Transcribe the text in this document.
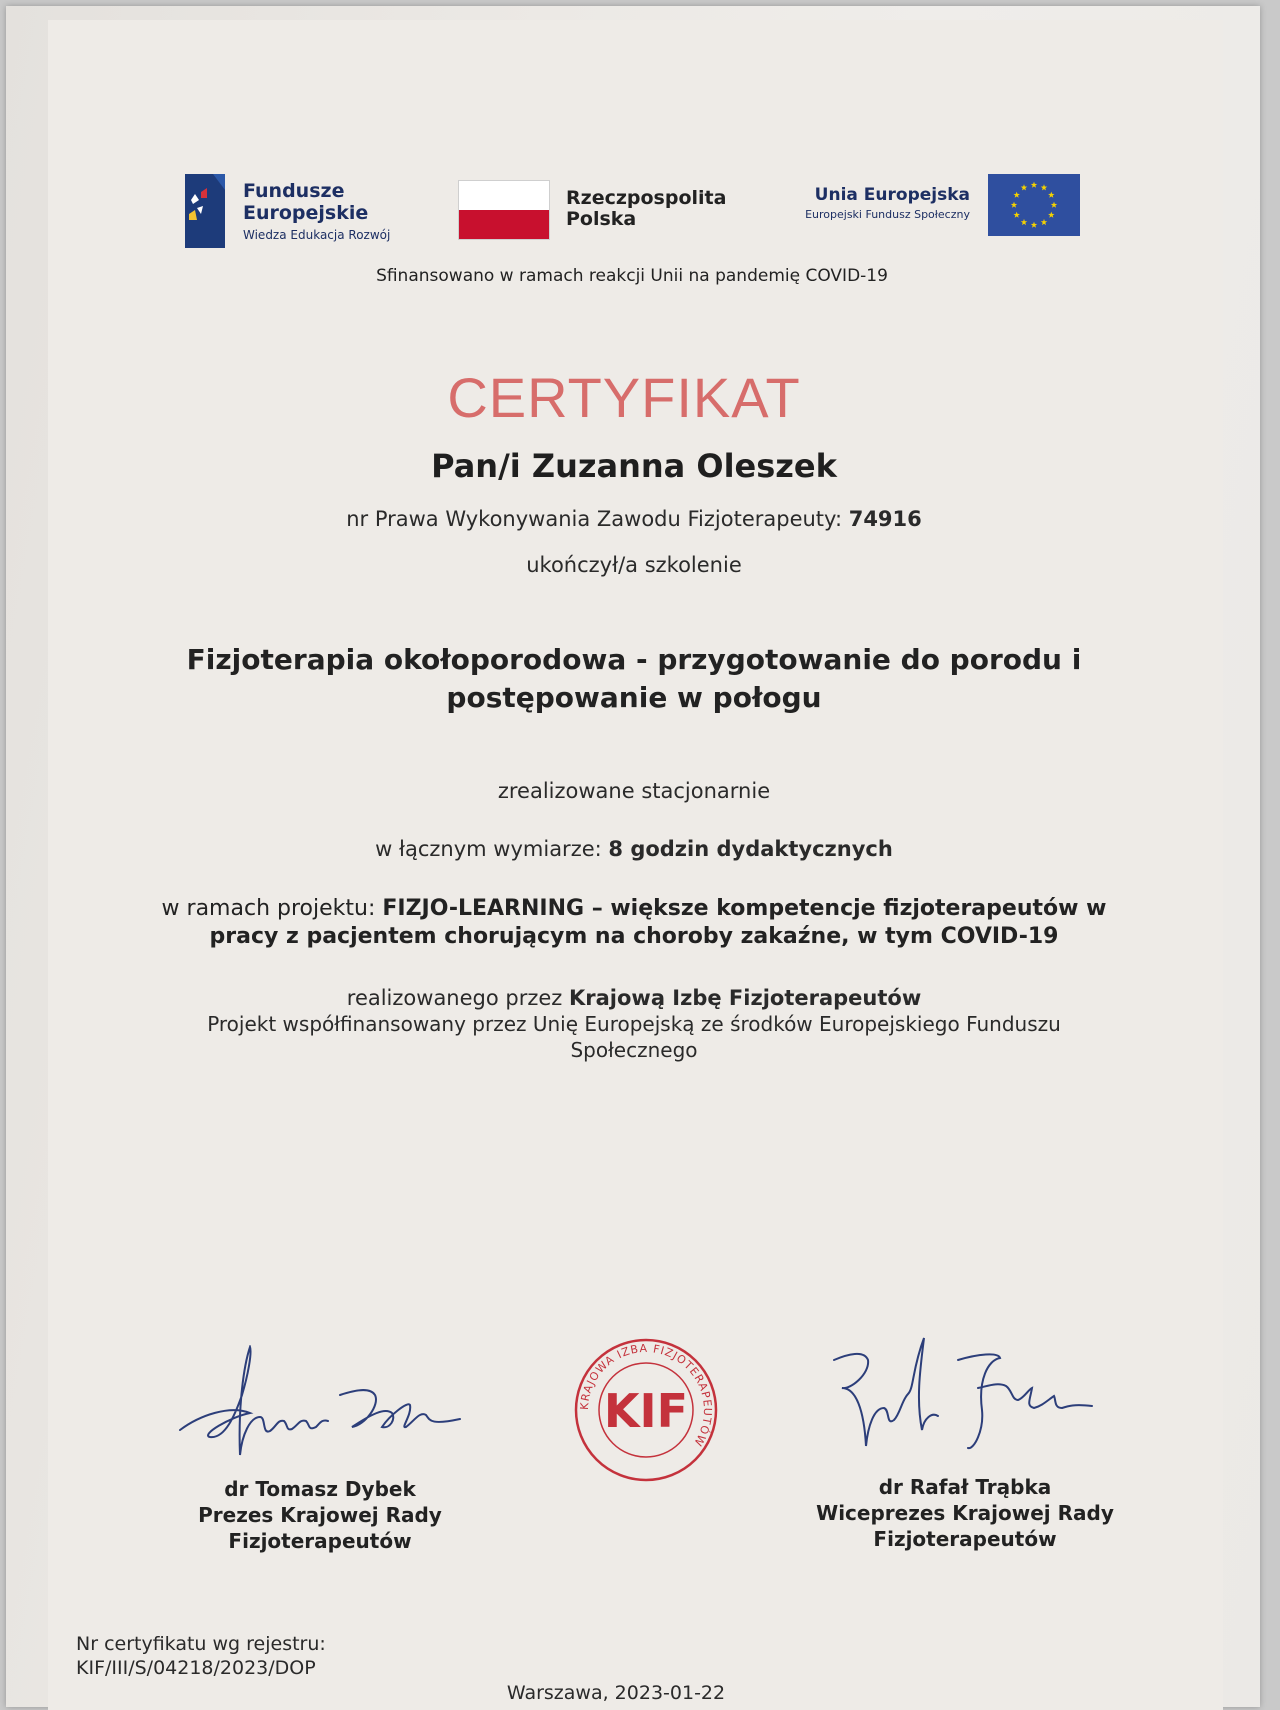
Fundusze
Europejskie
Wiedza Edukacja Rozwój
Rzeczpospolita
Polska
Unia Europejska
Europejski Fundusz Społeczny
Sfinansowano w ramach reakcji Unii na pandemię COVID-19
CERTYFIKAT
Pan/i Zuzanna Oleszek
nr Prawa Wykonywania Zawodu Fizjoterapeuty: 74916
ukończył/a szkolenie
Fizjoterapia okołoporodowa - przygotowanie do porodu i
postępowanie w połogu
zrealizowane stacjonarnie
w łącznym wymiarze: 8 godzin dydaktycznych
w ramach projektu: FIZJO-LEARNING – większe kompetencje fizjoterapeutów w
pracy z pacjentem chorującym na choroby zakaźne, w tym COVID-19
realizowanego przez Krajową Izbę Fizjoterapeutów
Projekt współfinansowany przez Unię Europejską ze środków Europejskiego Funduszu
Społecznego
KRAJOWA IZBA FIZJOTERAPEUTÓW
KIF
dr Tomasz Dybek
Prezes Krajowej Rady
Fizjoterapeutów
dr Rafał Trąbka
Wiceprezes Krajowej Rady
Fizjoterapeutów
Nr certyfikatu wg rejestru:
KIF/III/S/04218/2023/DOP
Warszawa, 2023-01-22
